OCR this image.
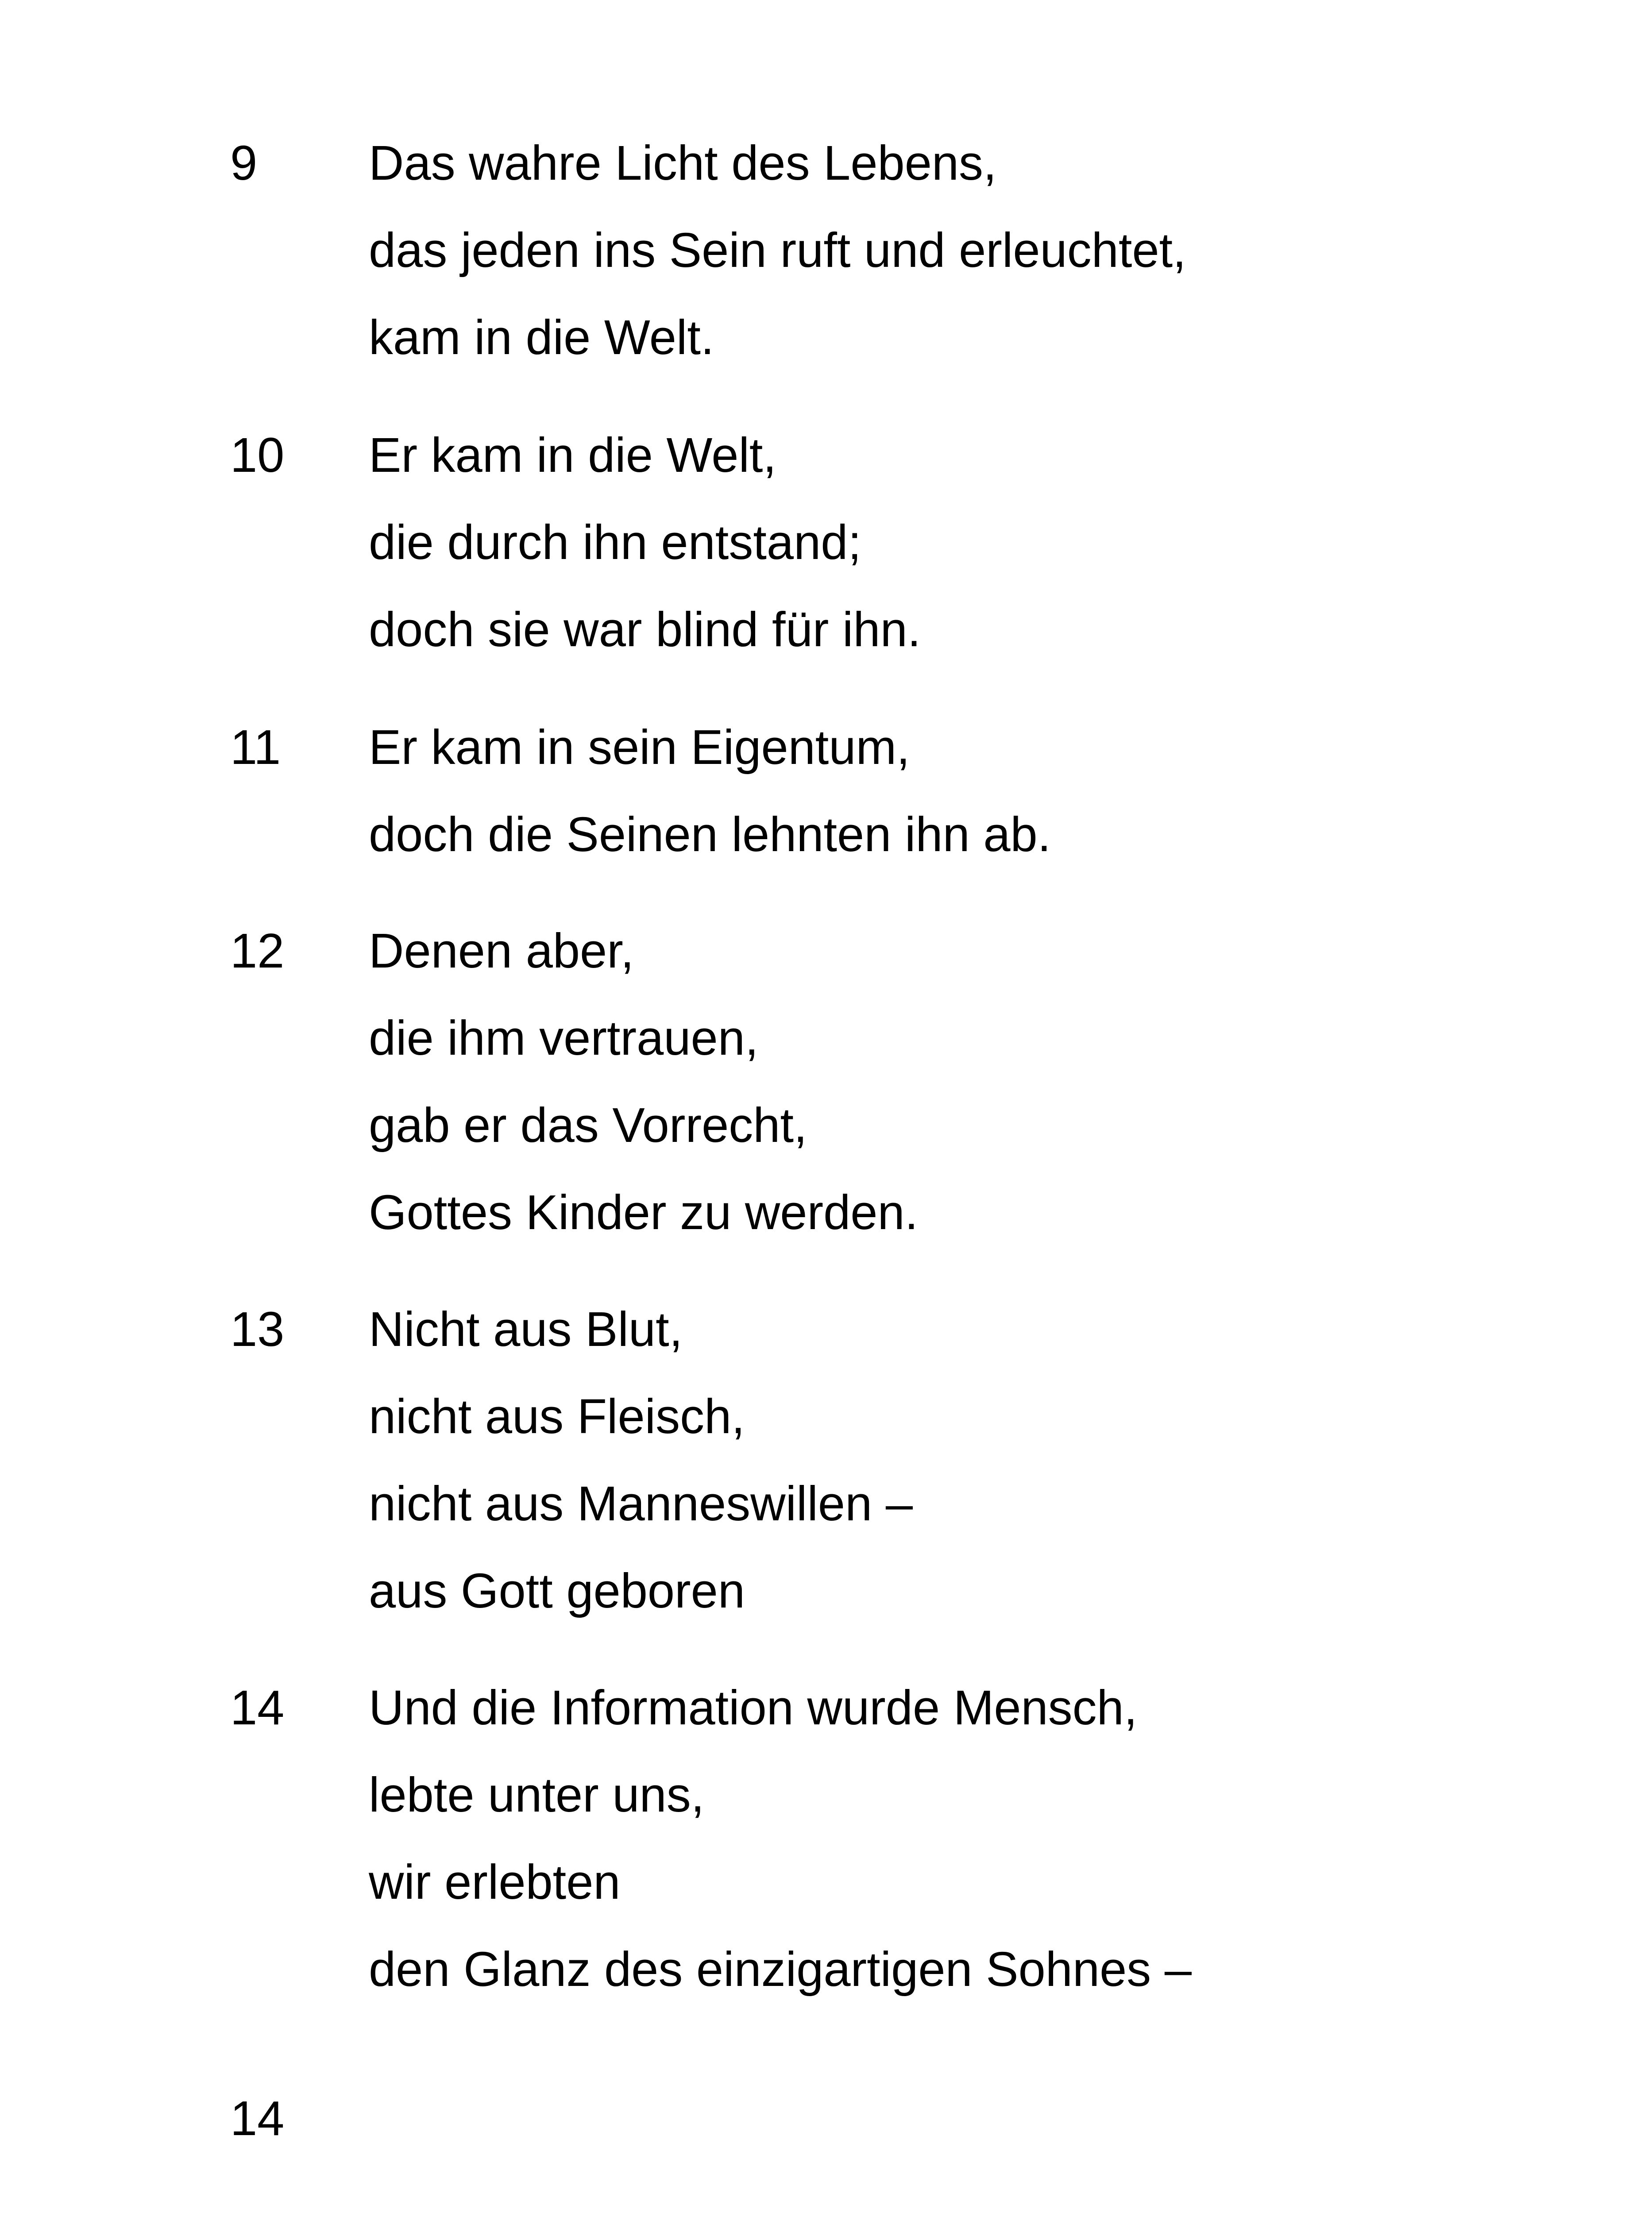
9 Das wahre Licht des Lebens,
das jeden ins Sein ruft und erleuchtet,
kam in die Welt.
10 Er kam in die Welt,
die durch ihn entstand;
doch sie war blind für ihn.
11 Er kam in sein Eigentum,
doch die Seinen lehnten ihn ab.
12 Denen aber,
die ihm vertrauen,
gab er das Vorrecht,
Gottes Kinder zu werden.
13 Nicht aus Blut,
nicht aus Fleisch,
nicht aus Manneswillen –
aus Gott geboren
14 Und die Information wurde Mensch,
lebte unter uns,
wir erlebten
den Glanz des einzigartigen Sohnes –
14
